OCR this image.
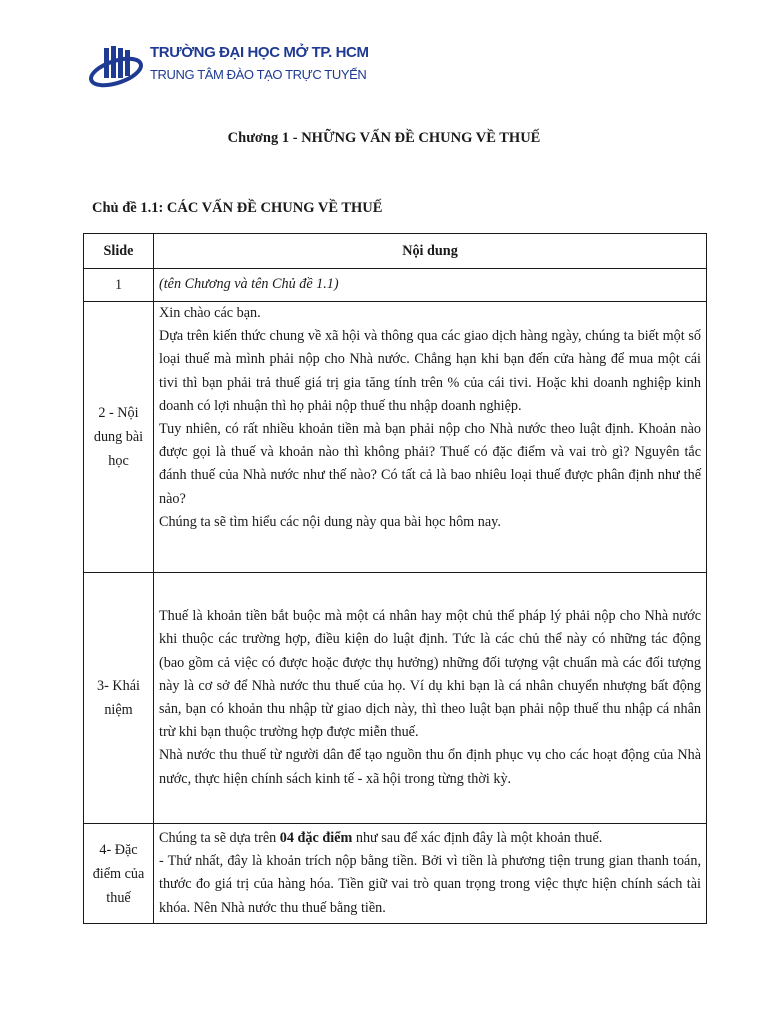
TRƯỜNG ĐẠI HỌC MỞ TP. HCM
TRUNG TÂM ĐÀO TẠO TRỰC TUYẾN
Chương 1 - NHỮNG VẤN ĐỀ CHUNG VỀ THUẾ
Chủ đề 1.1: CÁC VẤN ĐỀ CHUNG VỀ THUẾ
Slide	Nội dung
1	(tên Chương và tên Chủ đề 1.1)

2 - Nội dung bài học	Xin chào các bạn.

Dựa trên kiến thức chung về xã hội và thông qua các giao dịch hàng ngày, chúng ta biết một số loại thuế mà mình phải nộp cho Nhà nước. Chẳng hạn khi bạn đến cửa hàng để mua một cái tivi thì bạn phải trả thuế giá trị gia tăng tính trên % của cái tivi. Hoặc khi doanh nghiệp kinh doanh có lợi nhuận thì họ phải nộp thuế thu nhập doanh nghiệp.

Tuy nhiên, có rất nhiều khoản tiền mà bạn phải nộp cho Nhà nước theo luật định. Khoản nào được gọi là thuế và khoản nào thì không phải? Thuế có đặc điểm và vai trò gì? Nguyên tắc đánh thuế của Nhà nước như thế nào? Có tất cả là bao nhiêu loại thuế được phân định như thế nào?

Chúng ta sẽ tìm hiểu các nội dung này qua bài học hôm nay.

3- Khái niệm	Thuế là khoản tiền bắt buộc mà một cá nhân hay một chủ thể pháp lý phải nộp cho Nhà nước khi thuộc các trường hợp, điều kiện do luật định. Tức là các chủ thể này có những tác động (bao gồm cả việc có được hoặc được thụ hưởng) những đối tượng vật chuẩn mà các đối tượng này là cơ sở để Nhà nước thu thuế của họ. Ví dụ khi bạn là cá nhân chuyển nhượng bất động sản, bạn có khoản thu nhập từ giao dịch này, thì theo luật bạn phải nộp thuế thu nhập cá nhân trừ khi bạn thuộc trường hợp được miễn thuế.

Nhà nước thu thuế từ người dân để tạo nguồn thu ổn định phục vụ cho các hoạt động của Nhà nước, thực hiện chính sách kinh tế - xã hội trong từng thời kỳ.

4- Đặc điểm của thuế	Chúng ta sẽ dựa trên 04 đặc điểm như sau để xác định đây là một khoản thuế.

- Thứ nhất, đây là khoản trích nộp bằng tiền. Bởi vì tiền là phương tiện trung gian thanh toán, thước đo giá trị của hàng hóa. Tiền giữ vai trò quan trọng trong việc thực hiện chính sách tài khóa. Nên Nhà nước thu thuế bằng tiền.
